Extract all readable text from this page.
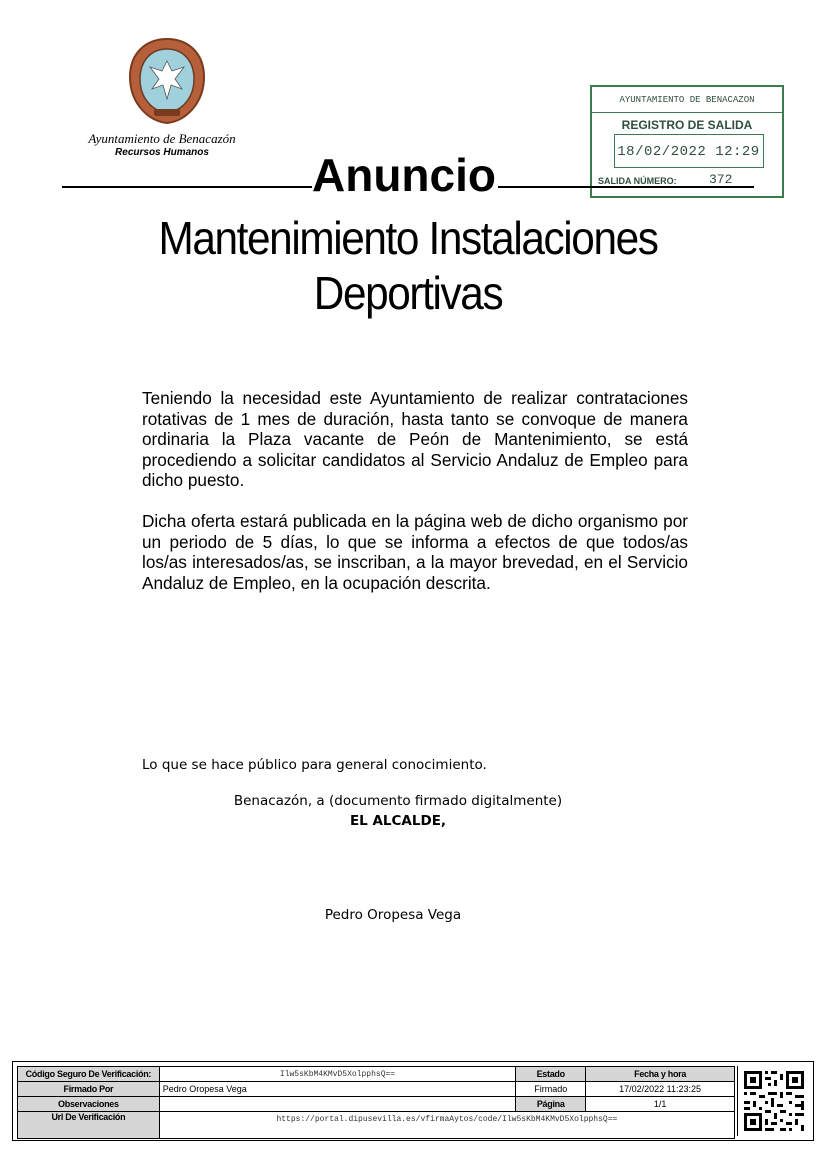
Ayuntamiento de Benacazón
Recursos Humanos
AYUNTAMIENTO DE BENACAZON
REGISTRO DE SALIDA
18/02/2022 12:29
SALIDA NÚMERO: 372
Anuncio
Mantenimiento Instalaciones
Deportivas
Teniendo la necesidad este Ayuntamiento de realizar contrataciones rotativas de 1 mes de duración, hasta tanto se convoque de manera ordinaria la Plaza vacante de Peón de Mantenimiento, se está procediendo a solicitar candidatos al Servicio Andaluz de Empleo para dicho puesto.
Dicha oferta estará publicada en la página web de dicho organismo por un periodo de 5 días, lo que se informa a efectos de que todos/as los/as interesados/as, se inscriban, a la mayor brevedad, en el Servicio Andaluz de Empleo, en la ocupación descrita.
Lo que se hace público para general conocimiento.
Benacazón, a (documento firmado digitalmente)
EL ALCALDE,
Pedro Oropesa Vega
Código Seguro De Verificación:	Ilw5sKbM4KMvD5XolpphsQ==	Estado	Fecha y hora
Firmado Por	Pedro Oropesa Vega	Firmado	17/02/2022 11:23:25
Observaciones		Página	1/1
Url De Verificación	https://portal.dipusevilla.es/vfirmaAytos/code/Ilw5sKbM4KMvD5XolpphsQ==		
